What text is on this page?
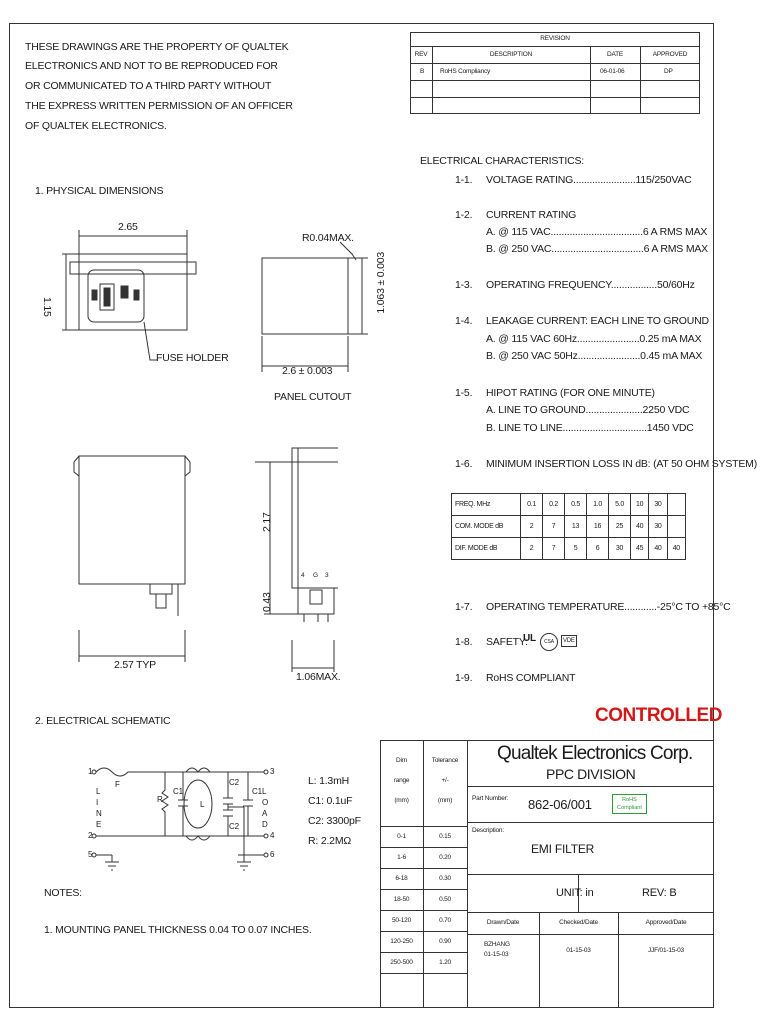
THESE DRAWINGS ARE THE PROPERTY OF QUALTEK
ELECTRONICS AND NOT TO BE REPRODUCED FOR
OR COMMUNICATED TO A THIRD PARTY WITHOUT
THE EXPRESS WRITTEN PERMISSION OF AN OFFICER
OF QUALTEK ELECTRONICS.
REVISION
REV	DESCRIPTION	DATE	APPROVED
B RoHS Compliancy	06-01-06	DP
1. PHYSICAL DIMENSIONS
2.65
1.15
FUSE HOLDER
R0.04MAX.
1.063 ± 0.003
2.6 ± 0.003
PANEL CUTOUT
2.17
0.43
2.57 TYP
1.06MAX.
4 G 3
ELECTRICAL CHARACTERISTICS:
1-1. VOLTAGE RATING.......................115/250VAC
1-2. CURRENT RATING
A. @ 115 VAC..................................6 A RMS MAX
B. @ 250 VAC..................................6 A RMS MAX
1-3. OPERATING FREQUENCY.................50/60Hz
1-4. LEAKAGE CURRENT: EACH LINE TO GROUND
A. @ 115 VAC 60Hz.......................0.25 mA MAX
B. @ 250 VAC 50Hz.......................0.45 mA MAX
1-5. HIPOT RATING (FOR ONE MINUTE)
A. LINE TO GROUND.....................2250 VDC
B. LINE TO LINE...............................1450 VDC
1-6. MINIMUM INSERTION LOSS IN dB: (AT 50 OHM SYSTEM)
FREQ. MHz	0.1	0.2	0.5	1.0	5.0	10	30	
COM. MODE dB	2	7	13	16	25	40	30	
DIF. MODE dB	2	7	5	6	30	45	40	40
1-7. OPERATING TEMPERATURE............-25°C TO +85°C
1-8. SAFETY:
UL	CSA	VDE
1-9. RoHS COMPLIANT
CONTROLLED
2. ELECTRICAL SCHEMATIC
1
L
I
N
E
2
5
F
R
C1
L
C2
C2
C1
3
L
O
A
D
4
6
L: 1.3mH
C1: 0.1uF
C2: 3300pF
R: 2.2MΩ
NOTES:
1. MOUNTING PANEL THICKNESS 0.04 TO 0.07 INCHES.
Dim
range
(mm)
Tolerance
+/-
(mm)
0-1	0.15
1-6	0.20
6-18	0.30
18-50	0.50
50-120	0.70
120-250	0.90
250-500	1.20
Qualtek Electronics Corp.
PPC DIVISION
Part Number: 862-06/001	RoHS
Compliant
Description:
EMI FILTER
UNIT: in	REV: B
Drawn/Date	Checked/Date	Approved/Date
BZHANG
01-15-03
01-15-03	JJF/01-15-03
